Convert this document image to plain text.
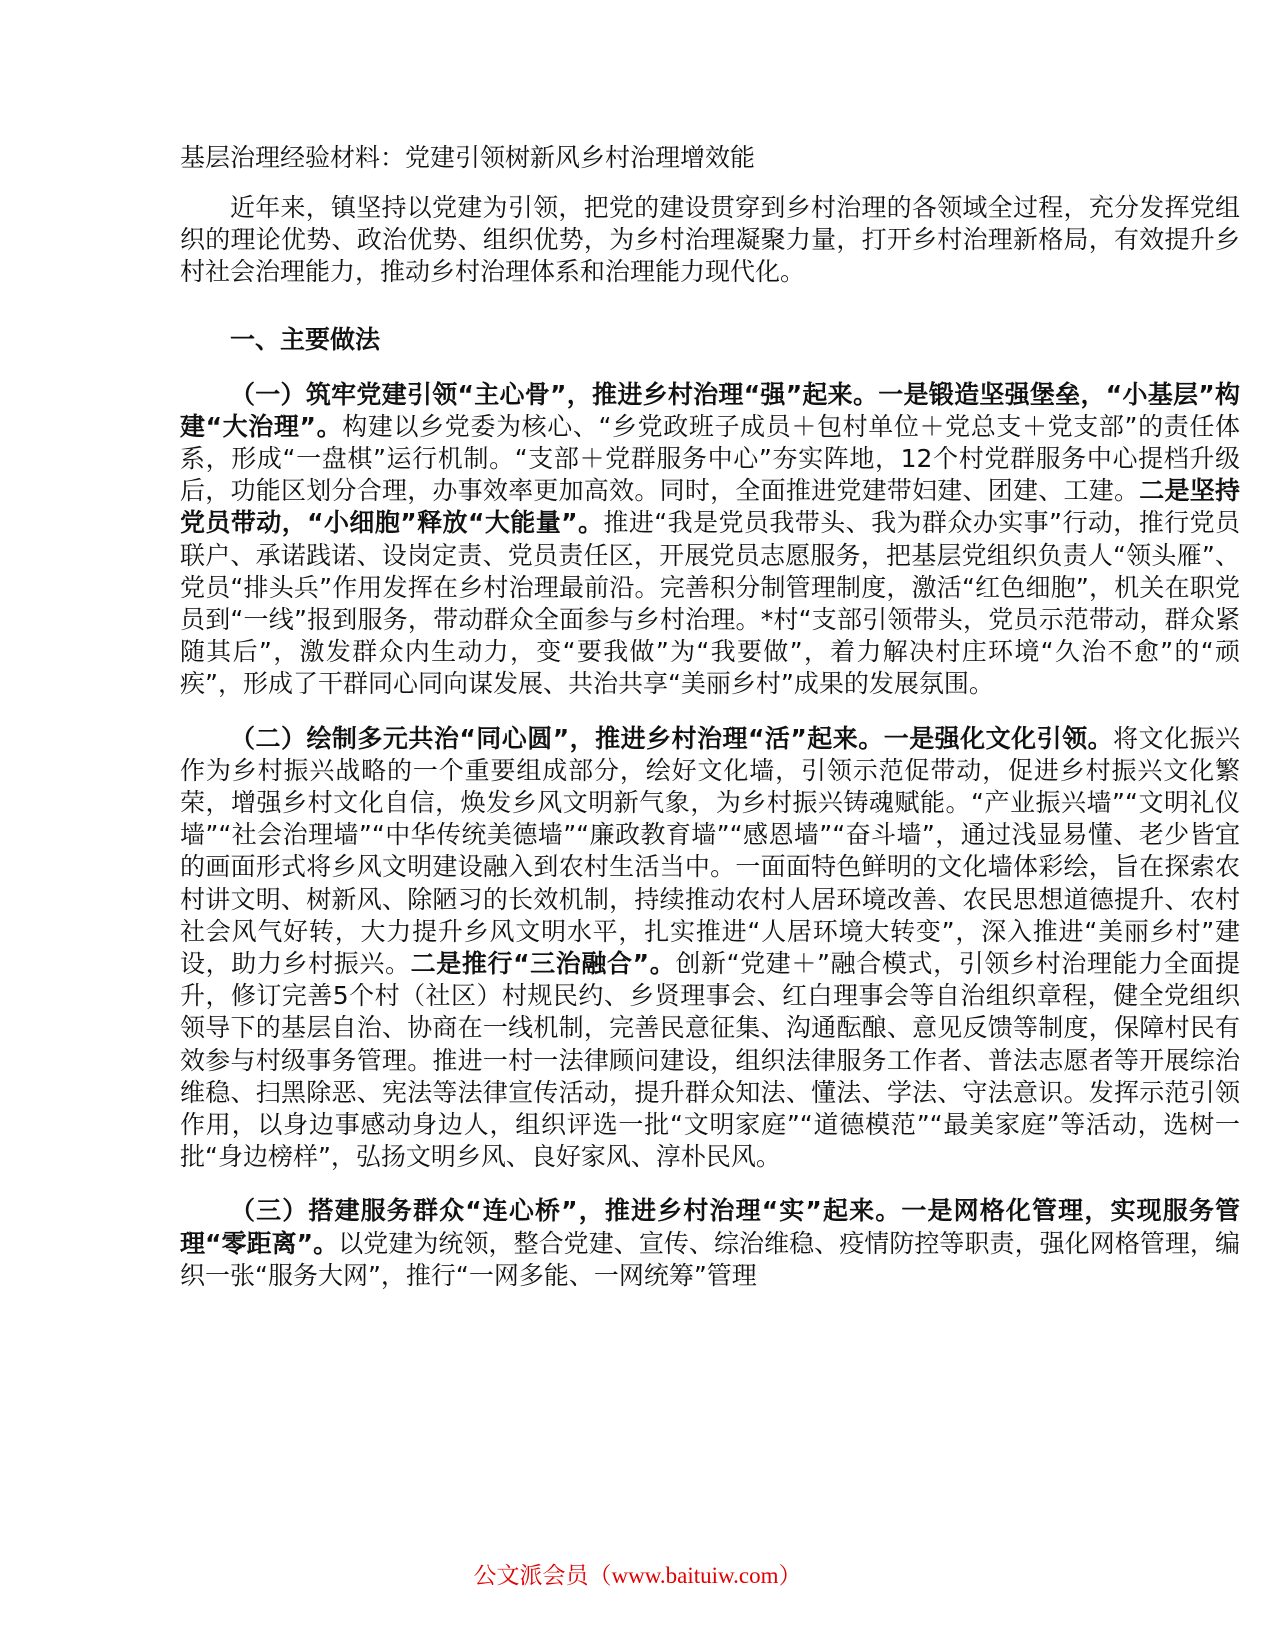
基层治理经验材料：党建引领树新风乡村治理增效能

近年来，镇坚持以党建为引领，把党的建设贯穿到乡村治理的各领域全过程，充分发挥党组织的理论优势、政治优势、组织优势，为乡村治理凝聚力量，打开乡村治理新格局，有效提升乡村社会治理能力，推动乡村治理体系和治理能力现代化。

一、主要做法

（一）筑牢党建引领“主心骨”，推进乡村治理“强”起来。一是锻造坚强堡垒，“小基层”构建“大治理”。构建以乡党委为核心、“乡党政班子成员＋包村单位＋党总支＋党支部”的责任体系，形成“一盘棋”运行机制。“支部＋党群服务中心”夯实阵地，12个村党群服务中心提档升级后，功能区划分合理，办事效率更加高效。同时，全面推进党建带妇建、团建、工建。二是坚持党员带动，“小细胞”释放“大能量”。推进“我是党员我带头、我为群众办实事”行动，推行党员联户、承诺践诺、设岗定责、党员责任区，开展党员志愿服务，把基层党组织负责人“领头雁”、党员“排头兵”作用发挥在乡村治理最前沿。完善积分制管理制度，激活“红色细胞”，机关在职党员到“一线”报到服务，带动群众全面参与乡村治理。*村“支部引领带头，党员示范带动，群众紧随其后”，激发群众内生动力，变“要我做”为“我要做”，着力解决村庄环境“久治不愈”的“顽疾”，形成了干群同心同向谋发展、共治共享“美丽乡村”成果的发展氛围。

（二）绘制多元共治“同心圆”，推进乡村治理“活”起来。一是强化文化引领。将文化振兴作为乡村振兴战略的一个重要组成部分，绘好文化墙，引领示范促带动，促进乡村振兴文化繁荣，增强乡村文化自信，焕发乡风文明新气象，为乡村振兴铸魂赋能。“产业振兴墙”“文明礼仪墙”“社会治理墙”“中华传统美德墙”“廉政教育墙”“感恩墙”“奋斗墙”，通过浅显易懂、老少皆宜的画面形式将乡风文明建设融入到农村生活当中。一面面特色鲜明的文化墙体彩绘，旨在探索农村讲文明、树新风、除陋习的长效机制，持续推动农村人居环境改善、农民思想道德提升、农村社会风气好转，大力提升乡风文明水平，扎实推进“人居环境大转变”，深入推进“美丽乡村”建设，助力乡村振兴。二是推行“三治融合”。创新“党建＋”融合模式，引领乡村治理能力全面提升，修订完善5个村（社区）村规民约、乡贤理事会、红白理事会等自治组织章程，健全党组织领导下的基层自治、协商在一线机制，完善民意征集、沟通酝酿、意见反馈等制度，保障村民有效参与村级事务管理。推进一村一法律顾问建设，组织法律服务工作者、普法志愿者等开展综治维稳、扫黑除恶、宪法等法律宣传活动，提升群众知法、懂法、学法、守法意识。发挥示范引领作用，以身边事感动身边人，组织评选一批“文明家庭”“道德模范”“最美家庭”等活动，选树一批“身边榜样”，弘扬文明乡风、良好家风、淳朴民风。

（三）搭建服务群众“连心桥”，推进乡村治理“实”起来。一是网格化管理，实现服务管理“零距离”。以党建为统领，整合党建、宣传、综治维稳、疫情防控等职责，强化网格管理，编织一张“服务大网”，推行“一网多能、一网统筹”管理

公文派会员（www.baituiw.com）
